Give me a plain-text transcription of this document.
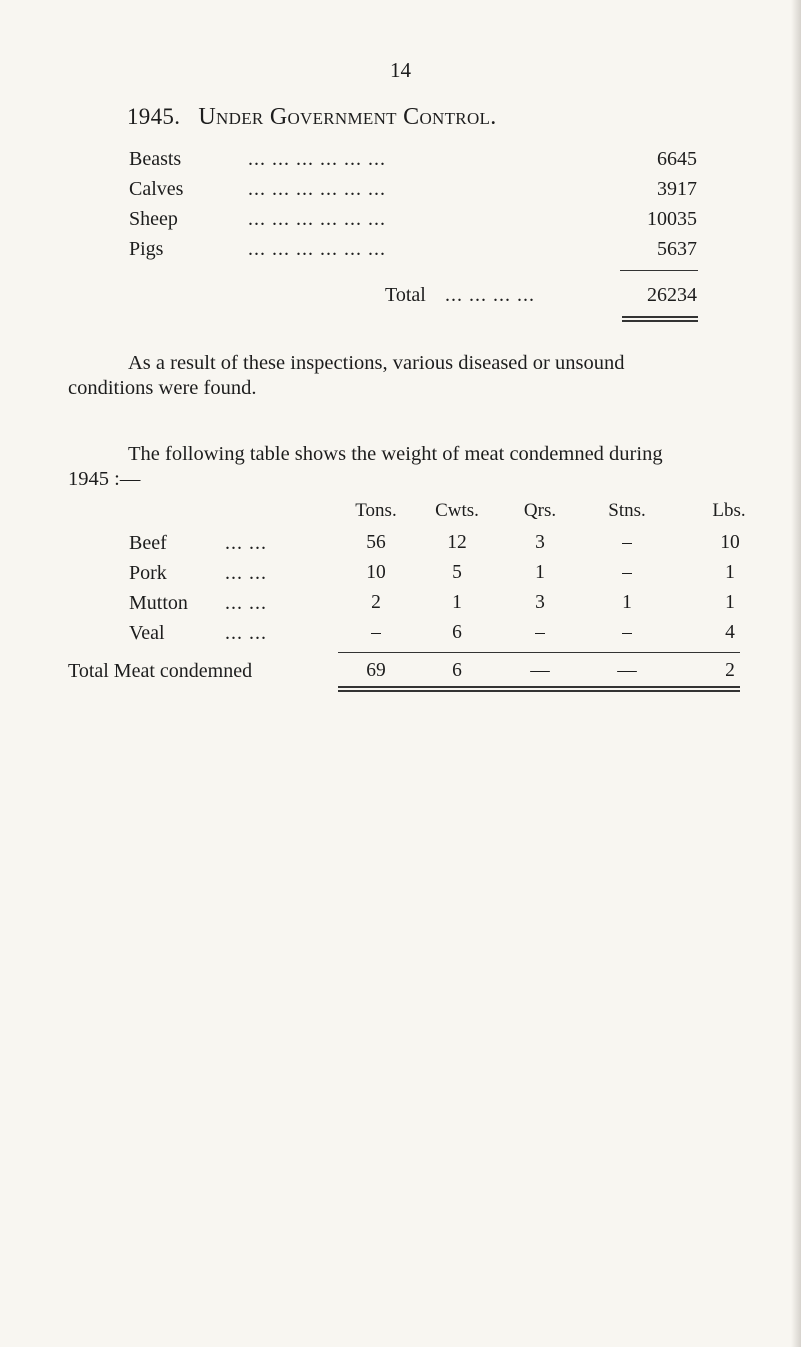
14
1945. Under Government Control.
Beasts	... ... ... ... ... ...	6645
Calves	... ... ... ... ... ...	3917
Sheep	... ... ... ... ... ...	10035
Pigs	... ... ... ... ... ...	5637
Total ... ... ... ...	26234
As a result of these inspections, various diseased or unsound
conditions were found.
The following table shows the weight of meat condemned during
1945 :—
Tons.	Cwts.	Qrs.	Stns.	Lbs.
Beef	... ...	56	12	3	–	10
Pork	... ...	10	5	1	–	1
Mutton ... ...	2	1	3	1	1
Veal	... ...	–	6	–	–	4
Total Meat condemned	69	6	—	—	2
